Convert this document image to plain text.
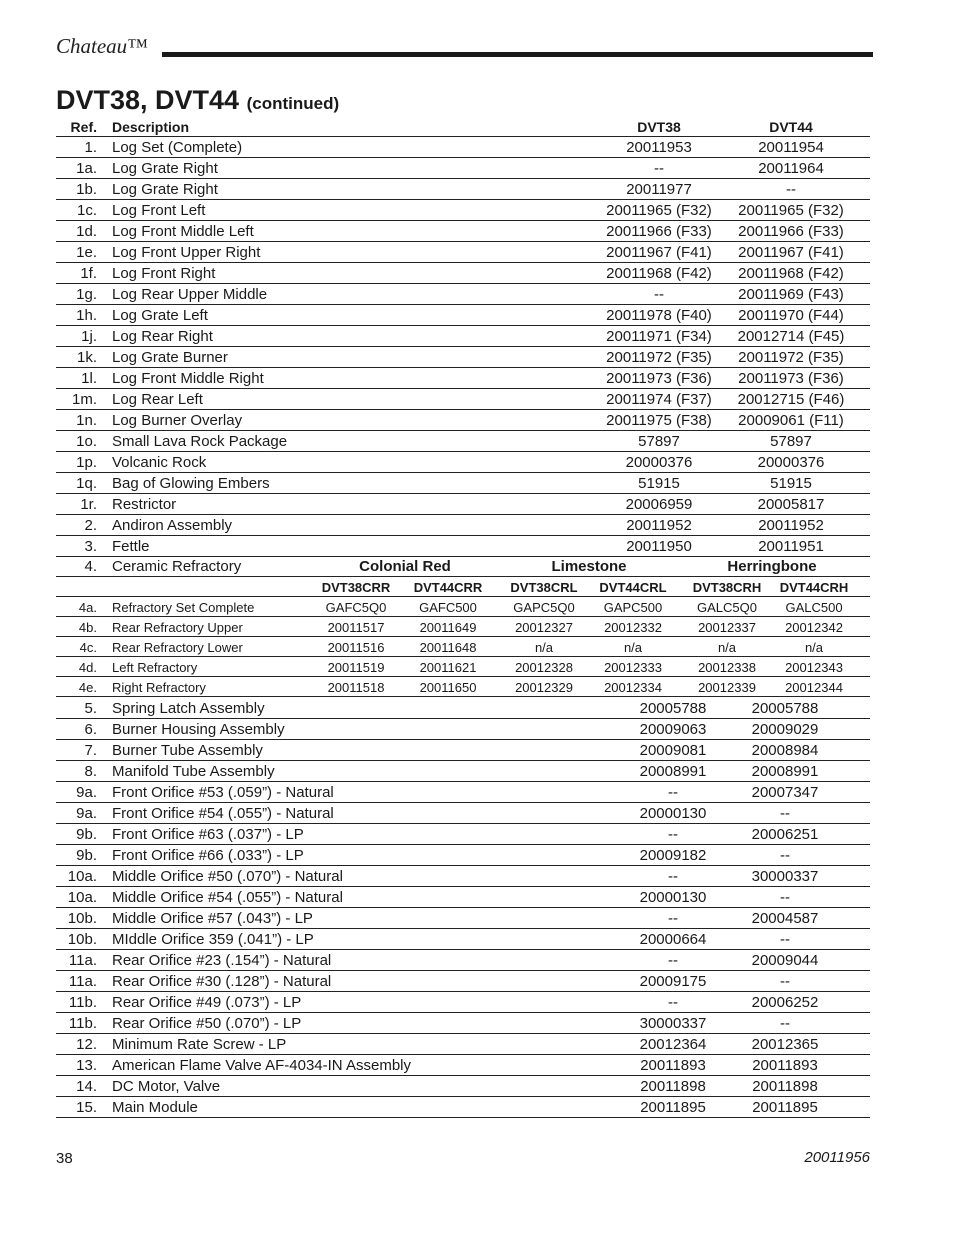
Chateau™
DVT38, DVT44 (continued)
Ref. Description	DVT38	DVT44
1. Log Set (Complete)	20011953	20011954
1a. Log Grate Right	--	20011964
1b. Log Grate Right	20011977	--
1c. Log Front Left	20011965 (F32)	20011965 (F32)
1d. Log Front Middle Left	20011966 (F33)	20011966 (F33)
1e. Log Front Upper Right	20011967 (F41)	20011967 (F41)
1f. Log Front Right	20011968 (F42)	20011968 (F42)
1g. Log Rear Upper Middle	--	20011969 (F43)
1h. Log Grate Left	20011978 (F40)	20011970 (F44)
1j. Log Rear Right	20011971 (F34)	20012714 (F45)
1k. Log Grate Burner	20011972 (F35)	20011972 (F35)
1l. Log Front Middle Right	20011973 (F36)	20011973 (F36)
1m. Log Rear Left	20011974 (F37)	20012715 (F46)
1n. Log Burner Overlay	20011975 (F38)	20009061 (F11)
1o. Small Lava Rock Package	57897	57897
1p. Volcanic Rock	20000376	20000376
1q. Bag of Glowing Embers	51915	51915
1r. Restrictor	20006959	20005817
2. Andiron Assembly	20011952	20011952
3. Fettle	20011950	20011951
4. Ceramic Refractory	Colonial Red	Limestone	Herringbone
DVT38CRR	DVT44CRR	DVT38CRL	DVT44CRL	DVT38CRH	DVT44CRH
4a. Refractory Set Complete	GAFC5Q0	GAFC500	GAPC5Q0	GAPC500	GALC5Q0	GALC500
4b. Rear Refractory Upper	20011517	20011649	20012327	20012332	20012337	20012342
4c. Rear Refractory Lower	20011516	20011648	n/a	n/a	n/a	n/a
4d. Left Refractory	20011519	20011621	20012328	20012333	20012338	20012343
4e. Right Refractory	20011518	20011650	20012329	20012334	20012339	20012344
5. Spring Latch Assembly	20005788	20005788
6. Burner Housing Assembly	20009063	20009029
7. Burner Tube Assembly	20009081	20008984
8. Manifold Tube Assembly	20008991	20008991
9a. Front Orifice #53 (.059”) - Natural	--	20007347
9a. Front Orifice #54 (.055”) - Natural	20000130	--
9b. Front Orifice #63 (.037”) - LP	--	20006251
9b. Front Orifice #66 (.033”) - LP	20009182	--
10a. Middle Orifice #50 (.070”) - Natural	--	30000337
10a. Middle Orifice #54 (.055”) - Natural	20000130	--
10b. Middle Orifice #57 (.043”) - LP	--	20004587
10b. MIddle Orifice 359 (.041”) - LP	20000664	--
11a. Rear Orifice #23 (.154”) - Natural	--	20009044
11a. Rear Orifice #30 (.128”) - Natural	20009175	--
11b. Rear Orifice #49 (.073”) - LP	--	20006252
11b. Rear Orifice #50 (.070”) - LP	30000337	--
12. Minimum Rate Screw - LP	20012364	20012365
13. American Flame Valve AF-4034-IN Assembly	20011893	20011893
14. DC Motor, Valve	20011898	20011898
15. Main Module	20011895	20011895
38	20011956
